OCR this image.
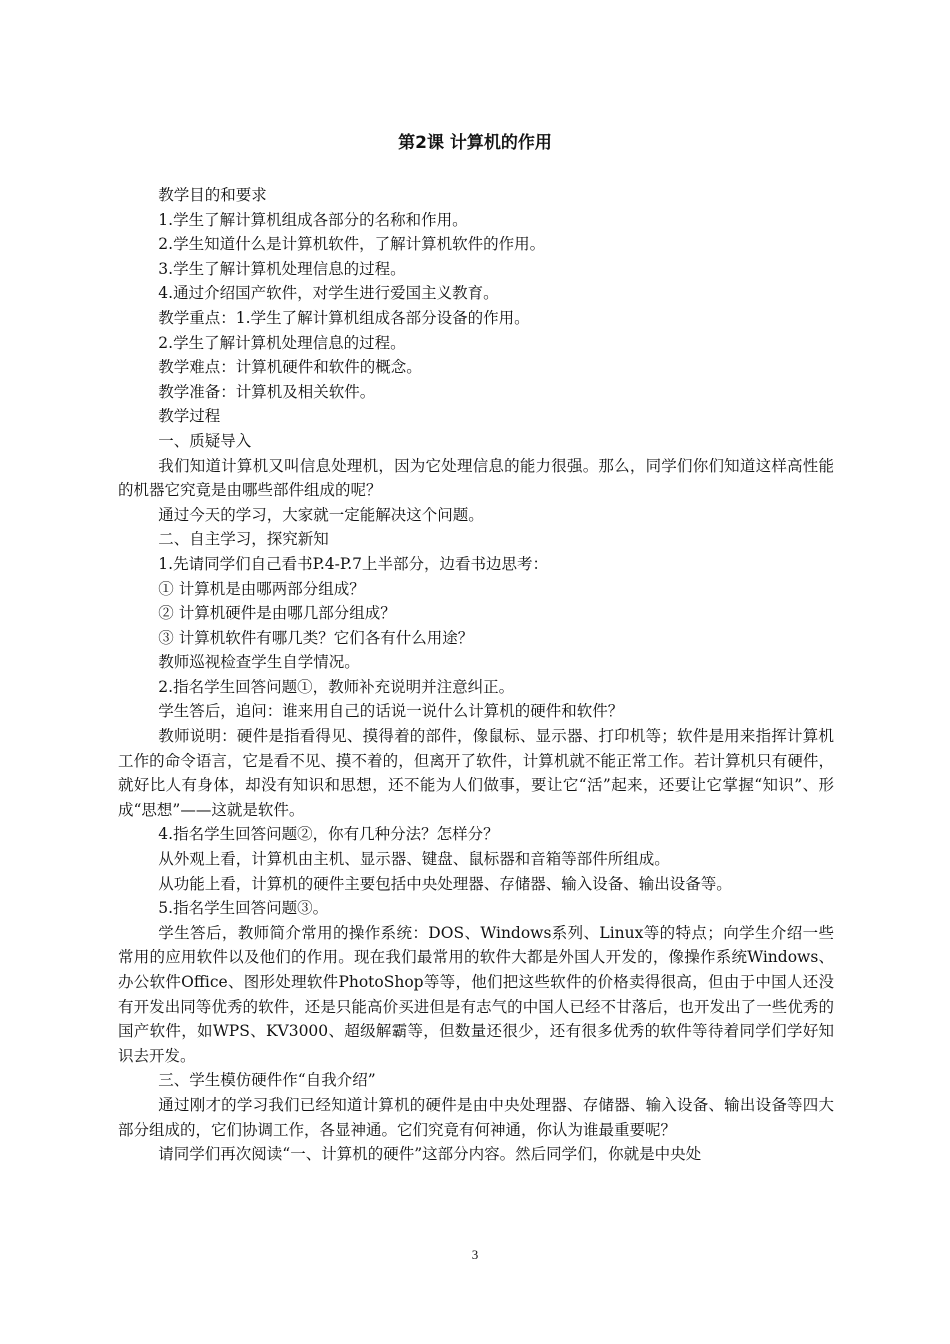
第2课 计算机的作用

教学目的和要求

1.学生了解计算机组成各部分的名称和作用。

2.学生知道什么是计算机软件，了解计算机软件的作用。

3.学生了解计算机处理信息的过程。

4.通过介绍国产软件，对学生进行爱国主义教育。

教学重点：1.学生了解计算机组成各部分设备的作用。

2.学生了解计算机处理信息的过程。

教学难点：计算机硬件和软件的概念。

教学准备：计算机及相关软件。

教学过程

一、质疑导入

我们知道计算机又叫信息处理机，因为它处理信息的能力很强。那么，同学们你们知道这样高性能的机器它究竟是由哪些部件组成的呢？

通过今天的学习，大家就一定能解决这个问题。

二、自主学习，探究新知

1.先请同学们自己看书P.4-P.7上半部分，边看书边思考：

① 计算机是由哪两部分组成？

② 计算机硬件是由哪几部分组成？

③ 计算机软件有哪几类？它们各有什么用途？

教师巡视检查学生自学情况。

2.指名学生回答问题①，教师补充说明并注意纠正。

学生答后，追问：谁来用自己的话说一说什么计算机的硬件和软件？

教师说明：硬件是指看得见、摸得着的部件，像鼠标、显示器、打印机等；软件是用来指挥计算机工作的命令语言，它是看不见、摸不着的，但离开了软件，计算机就不能正常工作。若计算机只有硬件，就好比人有身体，却没有知识和思想，还不能为人们做事，要让它“活”起来，还要让它掌握“知识”、形成“思想”——这就是软件。

4.指名学生回答问题②，你有几种分法？怎样分？

从外观上看，计算机由主机、显示器、键盘、鼠标器和音箱等部件所组成。

从功能上看，计算机的硬件主要包括中央处理器、存储器、输入设备、输出设备等。

5.指名学生回答问题③。

学生答后，教师简介常用的操作系统：DOS、Windows系列、Linux等的特点；向学生介绍一些常用的应用软件以及他们的作用。现在我们最常用的软件大都是外国人开发的，像操作系统Windows、办公软件Office、图形处理软件PhotoShop等等，他们把这些软件的价格卖得很高，但由于中国人还没有开发出同等优秀的软件，还是只能高价买进但是有志气的中国人已经不甘落后，也开发出了一些优秀的国产软件，如WPS、KV3000、超级解霸等，但数量还很少，还有很多优秀的软件等待着同学们学好知识去开发。

三、学生模仿硬件作“自我介绍”

通过刚才的学习我们已经知道计算机的硬件是由中央处理器、存储器、输入设备、输出设备等四大部分组成的，它们协调工作，各显神通。它们究竟有何神通，你认为谁最重要呢？

请同学们再次阅读“一、计算机的硬件”这部分内容。然后同学们，你就是中央处

3
